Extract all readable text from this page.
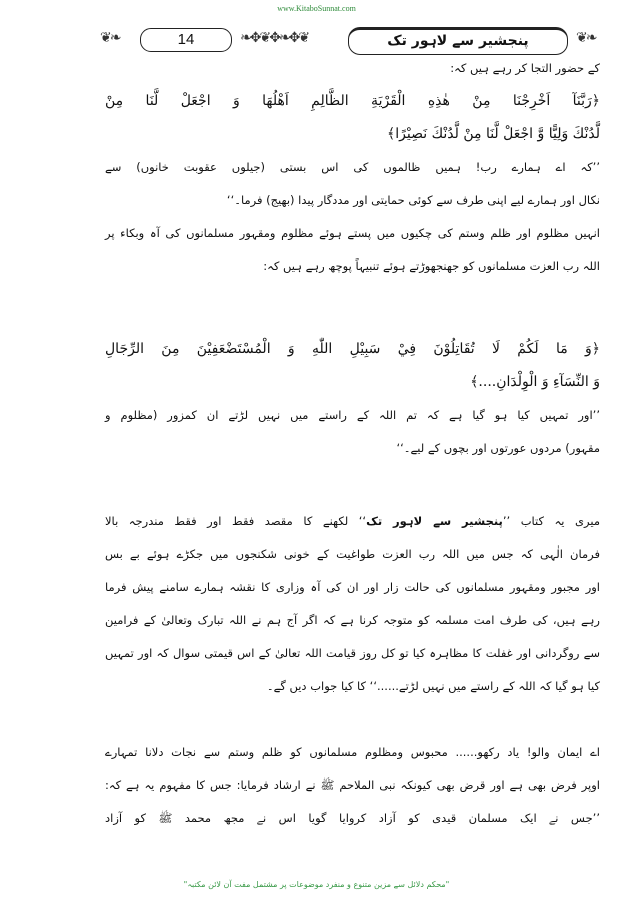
www.KitaboSunnat.com
❦❧	14	❧✥❦✥❧✥❦	پنجشیر سے لاہور تک	❦❧
کے حضور التجا کر رہے ہیں کہ:
﴿رَبَّنَآ اَخْرِجْنَا مِنْ هٰذِهِ الْقَرْيَةِ الظَّالِمِ اَهْلُهَا وَ اجْعَلْ لَّنَا مِنْ
لَّدُنْكَ وَلِيًّا وَّ اجْعَلْ لَّنَا مِنْ لَّدُنْكَ نَصِيْرًا﴾
’’کہ اے ہمارے رب! ہمیں ظالموں کی اس بستی (جیلوں عقوبت خانوں) سے
نکال اور ہمارے لیے اپنی طرف سے کوئی حمایتی اور مددگار پیدا (بھیج) فرما۔‘‘
انہیں مظلوم اور ظلم وستم کی چکیوں میں پستے ہوئے مظلوم ومقہور مسلمانوں کی آہ وبکاء پر
اللہ رب العزت مسلمانوں کو جھنجھوڑتے ہوئے تنبیہاً پوچھ رہے ہیں کہ:
﴿وَ مَا لَكُمْ لَا تُقَاتِلُوْنَ فِيْ سَبِيْلِ اللّٰهِ وَ الْمُسْتَضْعَفِيْنَ مِنَ الرِّجَالِ
وَ النِّسَآءِ وَ الْوِلْدَانِ....﴾
’’اور تمہیں کیا ہو گیا ہے کہ تم اللہ کے راستے میں نہیں لڑتے ان کمزور (مظلوم و
مقہور) مردوں عورتوں اور بچوں کے لیے۔‘‘
میری یہ کتاب ’’پنجشیر سے لاہور تک‘‘ لکھنے کا مقصد فقط اور فقط مندرجہ بالا
فرمان الٰہی کہ جس میں اللہ رب العزت طواغیت کے خونی شکنجوں میں جکڑے ہوئے بے بس
اور مجبور ومقہور مسلمانوں کی حالت زار اور ان کی آہ وزاری کا نقشہ ہمارے سامنے پیش فرما
رہے ہیں، کی طرف امت مسلمہ کو متوجہ کرنا ہے کہ اگر آج ہم نے اللہ تبارک وتعالیٰ کے فرامین
سے روگردانی اور غفلت کا مظاہرہ کیا تو کل روز قیامت اللہ تعالیٰ کے اس قیمتی سوال کہ اور تمہیں
کیا ہو گیا کہ اللہ کے راستے میں نہیں لڑتے......‘‘ کا کیا جواب دیں گے۔
اے ایمان والو! یاد رکھو...... محبوس ومظلوم مسلمانوں کو ظلم وستم سے نجات دلانا تمہارے
اوپر فرض بھی ہے اور قرض بھی کیونکہ نبی الملاحم ﷺ نے ارشاد فرمایا: جس کا مفہوم یہ ہے کہ:
’’جس نے ایک مسلمان قیدی کو آزاد کروایا گویا اس نے مجھ محمد ﷺ کو آزاد
"محکم دلائل سے مزین متنوع و منفرد موضوعات پر مشتمل مفت آن لائن مکتبہ"
